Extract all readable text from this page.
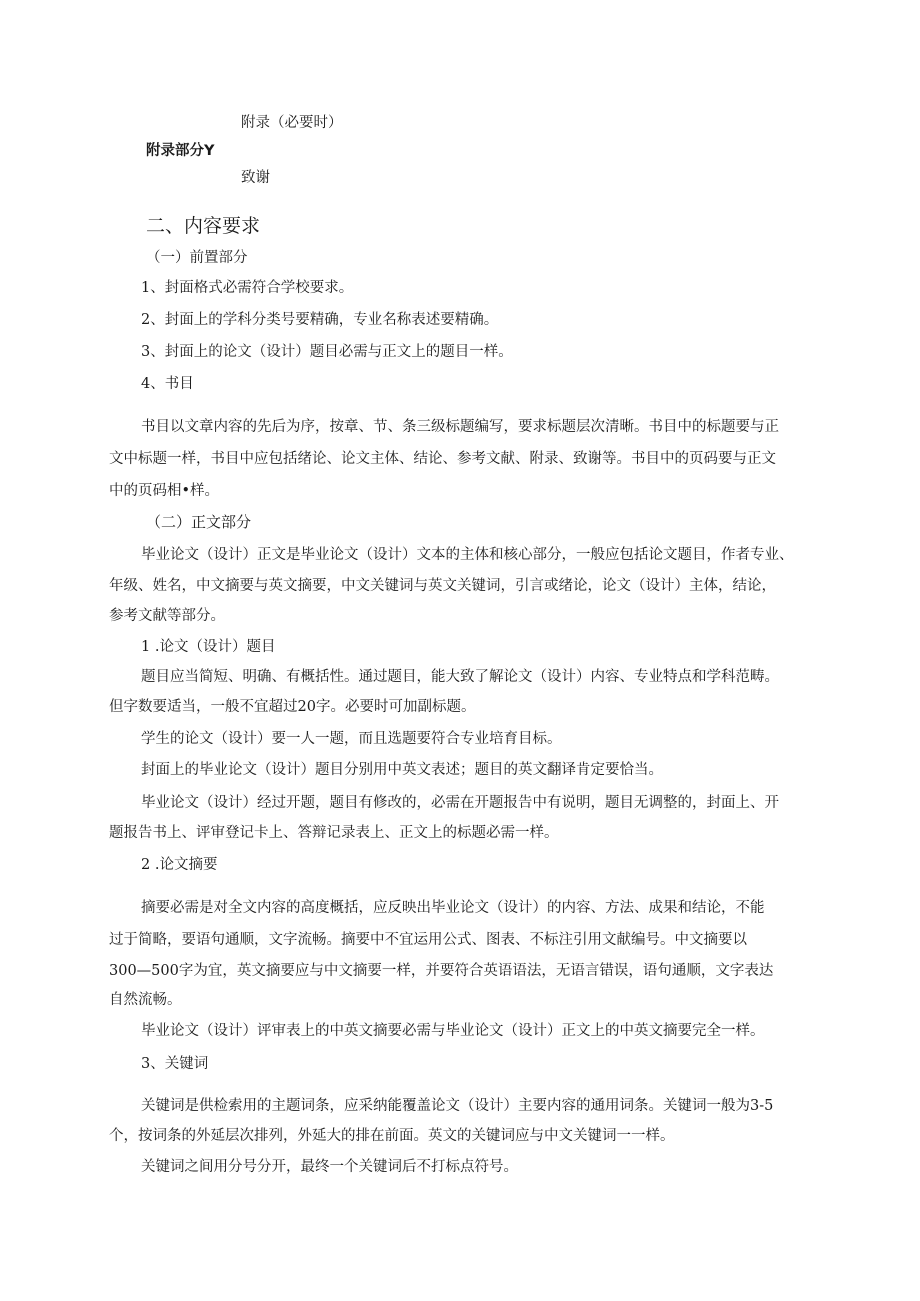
附录（必要时）
附录部分Y
致谢
二、内容要求
（一）前置部分
1、封面格式必需符合学校要求。
2、封面上的学科分类号要精确，专业名称表述要精确。
3、封面上的论文（设计）题目必需与正文上的题目一样。
4、书目
书目以文章内容的先后为序，按章、节、条三级标题编写，要求标题层次清晰。书目中的标题要与正
文中标题一样，书目中应包括绪论、论文主体、结论、参考文献、附录、致谢等。书目中的页码要与正文
中的页码相•样。
（二）正文部分
毕业论文（设计）正文是毕业论文（设计）文本的主体和核心部分，一般应包括论文题目，作者专业、
年级、姓名，中文摘要与英文摘要，中文关键词与英文关键词，引言或绪论，论文（设计）主体，结论，
参考文献等部分。
1 .论文（设计）题目
题目应当简短、明确、有概括性。通过题目，能大致了解论文（设计）内容、专业特点和学科范畴。
但字数要适当，一般不宜超过20字。必要时可加副标题。
学生的论文（设计）要一人一题，而且选题要符合专业培育目标。
封面上的毕业论文（设计）题目分别用中英文表述；题目的英文翻译肯定要恰当。
毕业论文（设计）经过开题，题目有修改的，必需在开题报告中有说明，题目无调整的，封面上、开
题报告书上、评审登记卡上、答辩记录表上、正文上的标题必需一样。
2 .论文摘要
摘要必需是对全文内容的高度概括，应反映出毕业论文（设计）的内容、方法、成果和结论，不能
过于简略，要语句通顺，文字流畅。摘要中不宜运用公式、图表、不标注引用文献编号。中文摘要以
300—500字为宜，英文摘要应与中文摘要一样，并要符合英语语法，无语言错误，语句通顺，文字表达
自然流畅。
毕业论文（设计）评审表上的中英文摘要必需与毕业论文（设计）正文上的中英文摘要完全一样。
3、关键词
关键词是供检索用的主题词条，应采纳能覆盖论文（设计）主要内容的通用词条。关键词一般为3-5
个，按词条的外延层次排列，外延大的排在前面。英文的关键词应与中文关键词一一样。
关键词之间用分号分开，最终一个关键词后不打标点符号。
